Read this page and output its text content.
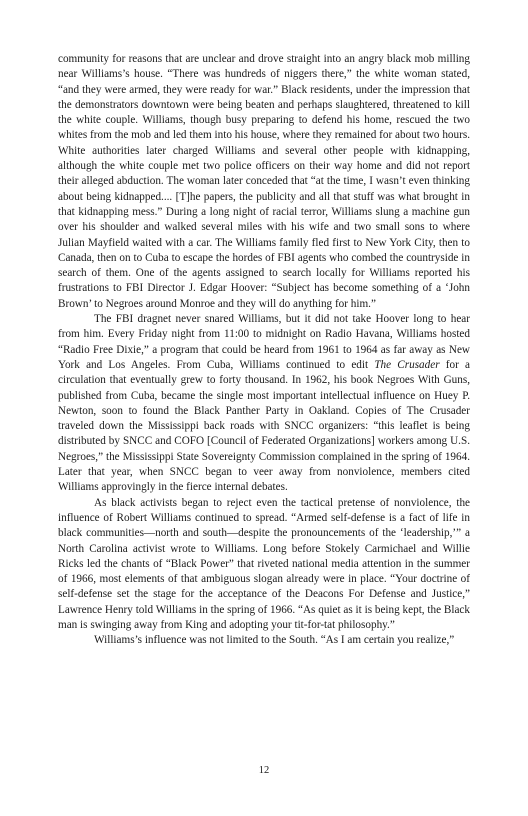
community for reasons that are unclear and drove straight into an angry black mob milling near Williams’s house. “There was hundreds of niggers there,” the white woman stated, “and they were armed, they were ready for war.” Black residents, under the impression that the demonstrators downtown were being beaten and perhaps slaughtered, threatened to kill the white couple. Williams, though busy preparing to defend his home, rescued the two whites from the mob and led them into his house, where they remained for about two hours. White authorities later charged Williams and several other people with kidnapping, although the white couple met two police officers on their way home and did not report their alleged abduction. The woman later conceded that “at the time, I wasn’t even thinking about being kidnapped.... [T]he papers, the publicity and all that stuff was what brought in that kidnapping mess.” During a long night of racial terror, Williams slung a machine gun over his shoulder and walked several miles with his wife and two small sons to where Julian Mayfield waited with a car. The Williams family fled first to New York City, then to Canada, then on to Cuba to escape the hordes of FBI agents who combed the countryside in search of them. One of the agents assigned to search locally for Williams reported his frustrations to FBI Director J. Edgar Hoover: “Subject has become something of a ‘John Brown’ to Negroes around Monroe and they will do anything for him.”

The FBI dragnet never snared Williams, but it did not take Hoover long to hear from him. Every Friday night from 11:00 to midnight on Radio Havana, Williams hosted “Radio Free Dixie,” a program that could be heard from 1961 to 1964 as far away as New York and Los Angeles. From Cuba, Williams continued to edit The Crusader for a circulation that eventually grew to forty thousand. In 1962, his book Negroes With Guns, published from Cuba, became the single most important intellectual influence on Huey P. Newton, soon to found the Black Panther Party in Oakland. Copies of The Crusader traveled down the Mississippi back roads with SNCC organizers: “this leaflet is being distributed by SNCC and COFO [Council of Federated Organizations] workers among U.S. Negroes,” the Mississippi State Sovereignty Commission complained in the spring of 1964. Later that year, when SNCC began to veer away from nonviolence, members cited Williams approvingly in the fierce internal debates.

As black activists began to reject even the tactical pretense of nonviolence, the influence of Robert Williams continued to spread. “Armed self-defense is a fact of life in black communities—north and south—despite the pronouncements of the ‘leadership,’” a North Carolina activist wrote to Williams. Long before Stokely Carmichael and Willie Ricks led the chants of “Black Power” that riveted national media attention in the summer of 1966, most elements of that ambiguous slogan already were in place. “Your doctrine of self-defense set the stage for the acceptance of the Deacons For Defense and Justice,” Lawrence Henry told Williams in the spring of 1966. “As quiet as it is being kept, the Black man is swinging away from King and adopting your tit-for-tat philosophy.”

Williams’s influence was not limited to the South. “As I am certain you realize,”

12
